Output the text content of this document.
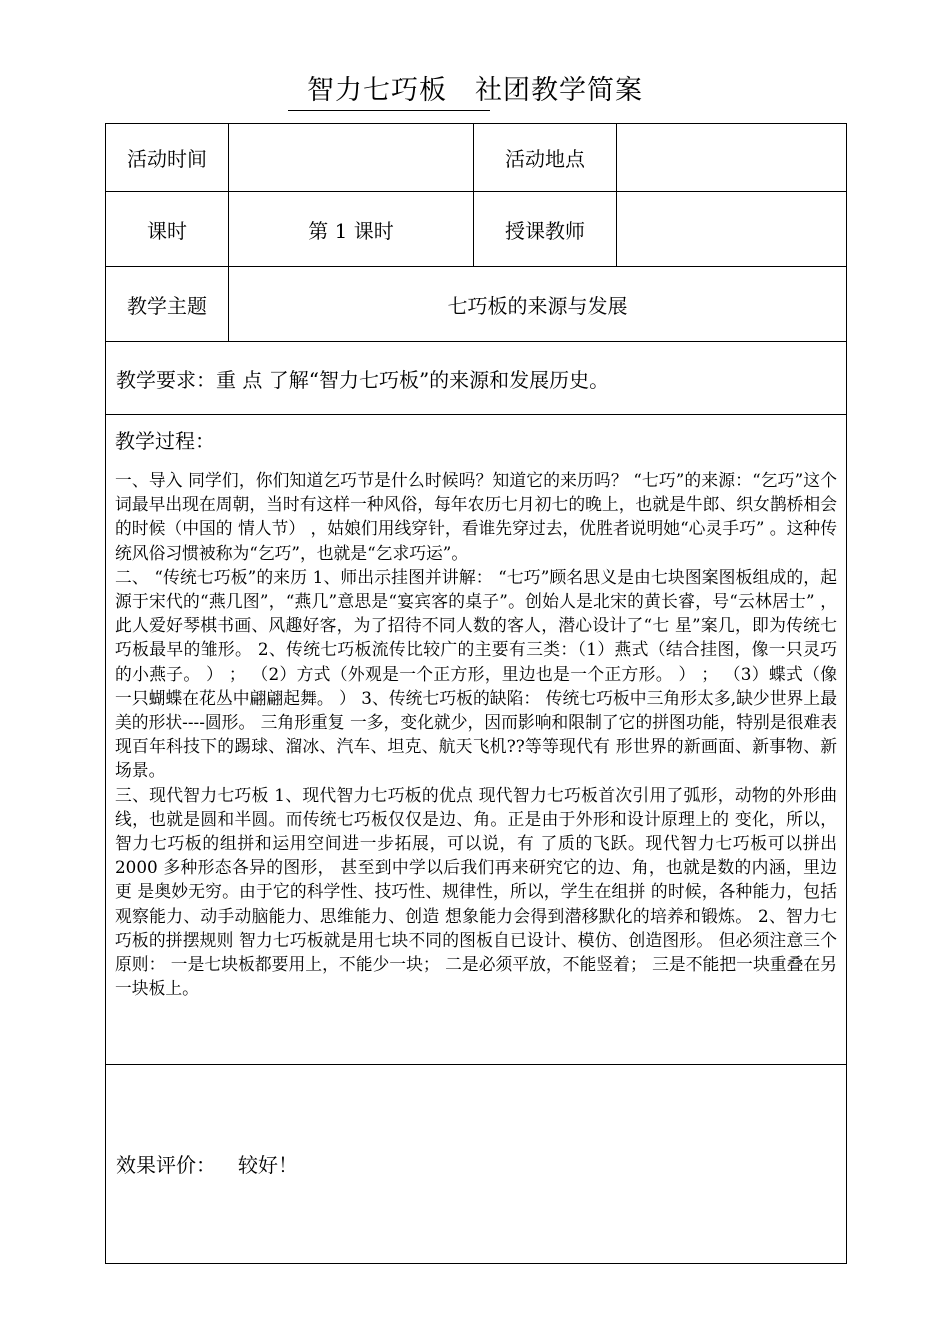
智力七巧板 社团教学简案
活动时间		活动地点	
课时	第 1 课时	授课教师	
教学主题	七巧板的来源与发展		
教学要求：重 点 了解“智力七巧板”的来源和发展历史。			

教学过程：

一、导入 同学们，你们知道乞巧节是什么时候吗？知道它的来历吗？ “七巧”的来源：“乞巧”这个词最早出现在周朝，当时有这样一种风俗，每年农历七月初七的晚上，也就是牛郎、织女鹊桥相会的时候（中国的 情人节） ，姑娘们用线穿针，看谁先穿过去，优胜者说明她“心灵手巧” 。这种传统风俗习惯被称为“乞巧”，也就是“乞求巧运”。

二、 “传统七巧板”的来历 1、师出示挂图并讲解： “七巧”顾名思义是由七块图案图板组成的，起源于宋代的“燕几图”，“燕几”意思是“宴宾客的桌子”。创始人是北宋的黄长睿，号“云林居士” ， 此人爱好琴棋书画、风趣好客，为了招待不同人数的客人，潜心设计了“七 星”案几，即为传统七巧板最早的雏形。 2、传统七巧板流传比较广的主要有三类：（1）燕式（结合挂图，像一只灵巧的小燕子。 ） ； （2）方式（外观是一个正方形，里边也是一个正方形。 ） ； （3）蝶式（像一只蝴蝶在花丛中翩翩起舞。 ） 3、传统七巧板的缺陷： 传统七巧板中三角形太多,缺少世界上最美的形状----圆形。 三角形重复 一多，变化就少，因而影响和限制了它的拼图功能，特别是很难表现百年科技下的踢球、溜冰、汽车、坦克、航天飞机??等等现代有 形世界的新画面、新事物、新场景。

三、现代智力七巧板 1、现代智力七巧板的优点 现代智力七巧板首次引用了弧形，动物的外形曲线，也就是圆和半圆。而传统七巧板仅仅是边、角。正是由于外形和设计原理上的 变化，所以，智力七巧板的组拼和运用空间进一步拓展，可以说，有 了质的飞跃。现代智力七巧板可以拼出 2000 多种形态各异的图形， 甚至到中学以后我们再来研究它的边、角，也就是数的内涵，里边更 是奥妙无穷。由于它的科学性、技巧性、规律性，所以，学生在组拼 的时候，各种能力，包括观察能力、动手动脑能力、思维能力、创造 想象能力会得到潜移默化的培养和锻炼。 2、智力七巧板的拼摆规则 智力七巧板就是用七块不同的图板自已设计、模仿、创造图形。 但必须注意三个原则： 一是七块板都要用上，不能少一块； 二是必须平放，不能竖着； 三是不能把一块重叠在另一块板上。			

效果评价： 较好！			
